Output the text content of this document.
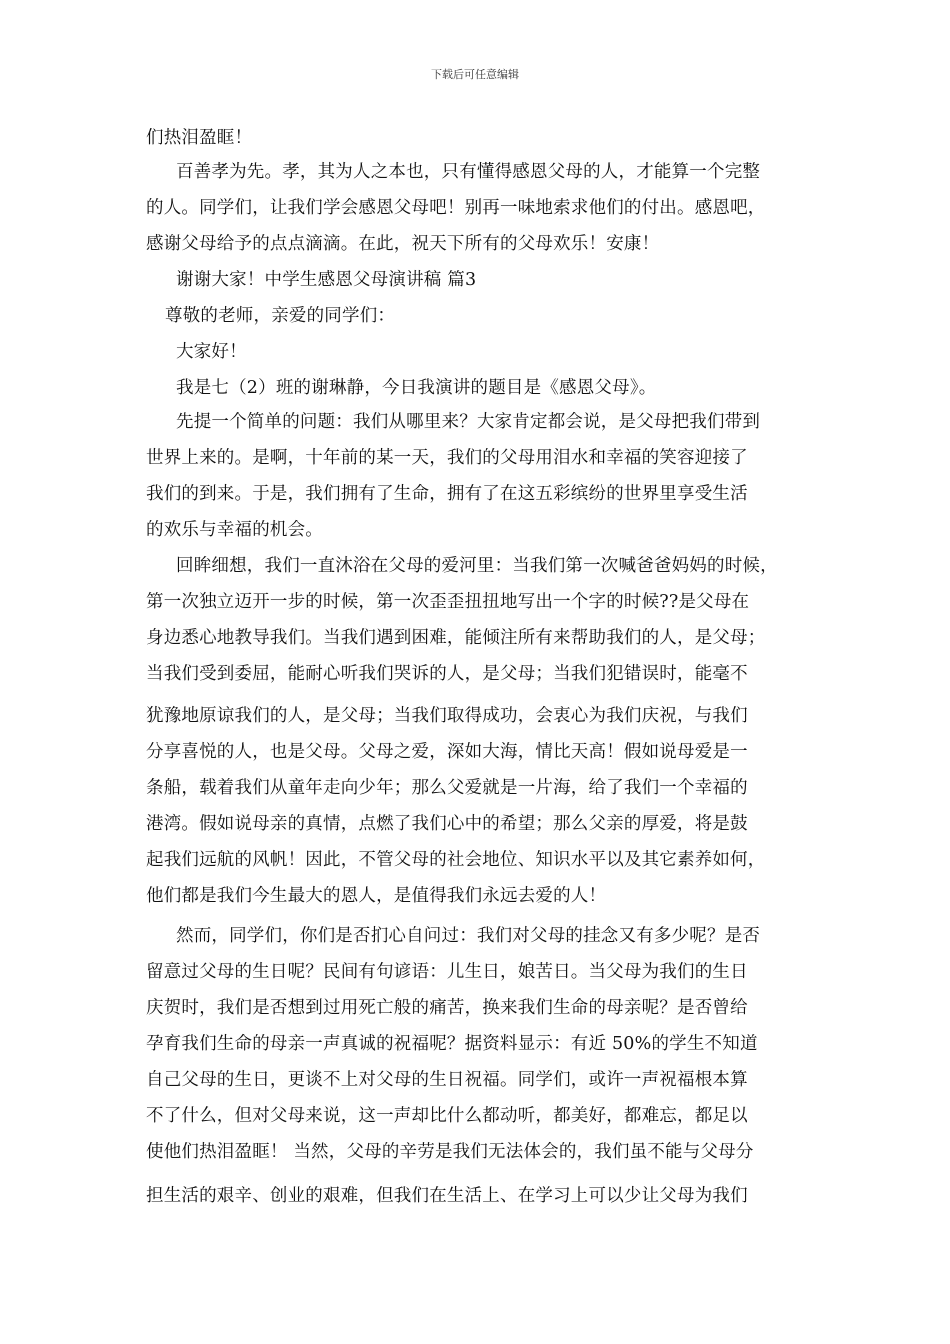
下载后可任意编辑
们热泪盈眶！
百善孝为先。孝，其为人之本也，只有懂得感恩父母的人，才能算一个完整
的人。同学们，让我们学会感恩父母吧！别再一味地索求他们的付出。感恩吧，
感谢父母给予的点点滴滴。在此，祝天下所有的父母欢乐！安康！
谢谢大家！中学生感恩父母演讲稿 篇3
尊敬的老师，亲爱的同学们：
大家好！
我是七（2）班的谢琳静，今日我演讲的题目是《感恩父母》。
先提一个简单的问题：我们从哪里来？大家肯定都会说，是父母把我们带到
世界上来的。是啊，十年前的某一天，我们的父母用泪水和幸福的笑容迎接了
我们的到来。于是，我们拥有了生命，拥有了在这五彩缤纷的世界里享受生活
的欢乐与幸福的机会。
回眸细想，我们一直沐浴在父母的爱河里：当我们第一次喊爸爸妈妈的时候，
第一次独立迈开一步的时候，第一次歪歪扭扭地写出一个字的时候??是父母在
身边悉心地教导我们。当我们遇到困难，能倾注所有来帮助我们的人，是父母；
当我们受到委屈，能耐心听我们哭诉的人，是父母；当我们犯错误时，能毫不
犹豫地原谅我们的人，是父母；当我们取得成功，会衷心为我们庆祝，与我们
分享喜悦的人，也是父母。父母之爱，深如大海，情比天高！假如说母爱是一
条船，载着我们从童年走向少年；那么父爱就是一片海，给了我们一个幸福的
港湾。假如说母亲的真情，点燃了我们心中的希望；那么父亲的厚爱，将是鼓
起我们远航的风帆！因此，不管父母的社会地位、知识水平以及其它素养如何，
他们都是我们今生最大的恩人，是值得我们永远去爱的人！
然而，同学们，你们是否扪心自问过：我们对父母的挂念又有多少呢？是否
留意过父母的生日呢？民间有句谚语：儿生日，娘苦日。当父母为我们的生日
庆贺时，我们是否想到过用死亡般的痛苦，换来我们生命的母亲呢？是否曾给
孕育我们生命的母亲一声真诚的祝福呢？据资料显示：有近 50%的学生不知道
自己父母的生日，更谈不上对父母的生日祝福。同学们，或许一声祝福根本算
不了什么，但对父母来说，这一声却比什么都动听，都美好，都难忘，都足以
使他们热泪盈眶！ 当然，父母的辛劳是我们无法体会的，我们虽不能与父母分
担生活的艰辛、创业的艰难，但我们在生活上、在学习上可以少让父母为我们
